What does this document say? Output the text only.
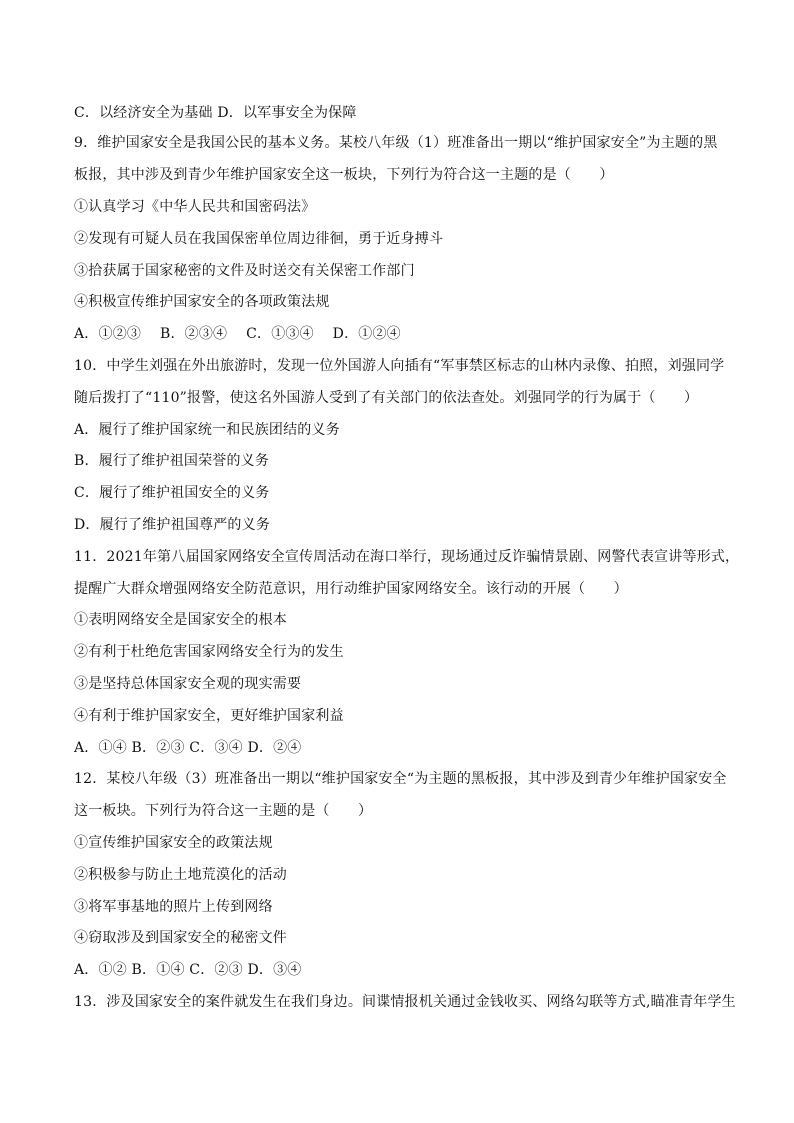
C．以经济安全为基础 D．以军事安全为保障
9．维护国家安全是我国公民的基本义务。某校八年级（1）班准备出一期以“维护国家安全”为主题的黑
板报，其中涉及到青少年维护国家安全这一板块，下列行为符合这一主题的是（　　）
①认真学习《中华人民共和国密码法》
②发现有可疑人员在我国保密单位周边徘徊，勇于近身搏斗
③拾获属于国家秘密的文件及时送交有关保密工作部门
④积极宣传维护国家安全的各项政策法规
A．①②③　 B．②③④　 C．①③④　 D．①②④
10．中学生刘强在外出旅游时，发现一位外国游人向插有“军事禁区标志的山林内录像、拍照，刘强同学
随后拨打了“110”报警，使这名外国游人受到了有关部门的依法查处。刘强同学的行为属于（　　）
A．履行了维护国家统一和民族团结的义务
B．履行了维护祖国荣誉的义务
C．履行了维护祖国安全的义务
D．履行了维护祖国尊严的义务
11．2021年第八届国家网络安全宣传周活动在海口举行，现场通过反诈骗情景剧、网警代表宣讲等形式，
提醒广大群众增强网络安全防范意识，用行动维护国家网络安全。该行动的开展（　　）
①表明网络安全是国家安全的根本
②有利于杜绝危害国家网络安全行为的发生
③是坚持总体国家安全观的现实需要
④有利于维护国家安全，更好维护国家利益
A．①④ B．②③ C．③④ D．②④
12．某校八年级（3）班准备出一期以“维护国家安全“为主题的黑板报，其中涉及到青少年维护国家安全
这一板块。下列行为符合这一主题的是（　　）
①宣传维护国家安全的政策法规
②积极参与防止土地荒漠化的活动
③将军事基地的照片上传到网络
④窃取涉及到国家安全的秘密文件
A．①② B．①④ C．②③ D．③④
13．涉及国家安全的案件就发生在我们身边。间谍情报机关通过金钱收买、网络勾联等方式,瞄准青年学生
